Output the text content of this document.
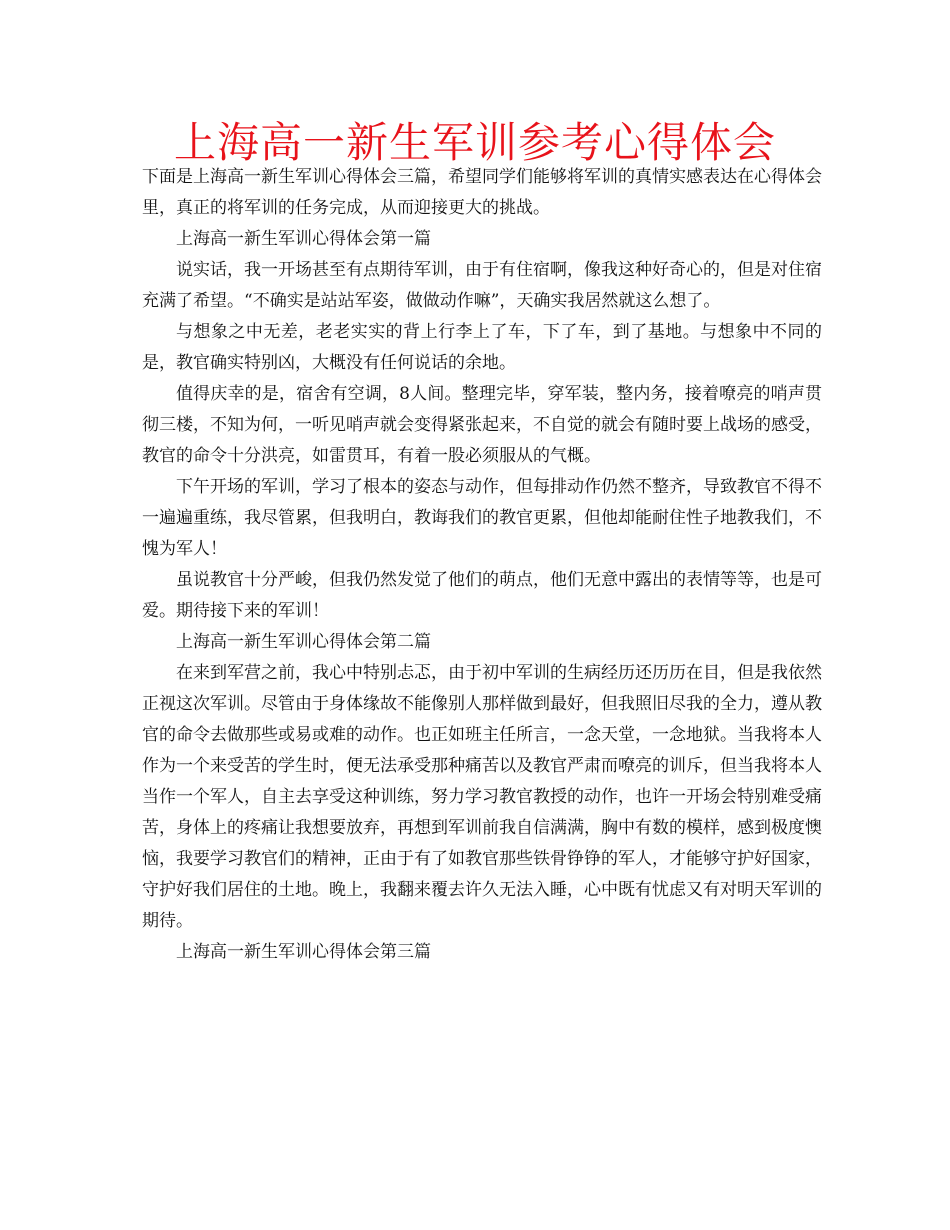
上海高一新生军训参考心得体会

下面是上海高一新生军训心得体会三篇，希望同学们能够将军训的真情实感表达在心得体会里，真正的将军训的任务完成，从而迎接更大的挑战。

上海高一新生军训心得体会第一篇

说实话，我一开场甚至有点期待军训，由于有住宿啊，像我这种好奇心的，但是对住宿充满了希望。“不确实是站站军姿，做做动作嘛”，天确实我居然就这么想了。

与想象之中无差，老老实实的背上行李上了车，下了车，到了基地。与想象中不同的是，教官确实特别凶，大概没有任何说话的余地。

值得庆幸的是，宿舍有空调，8人间。整理完毕，穿军装，整内务，接着嘹亮的哨声贯彻三楼，不知为何，一听见哨声就会变得紧张起来，不自觉的就会有随时要上战场的感受，教官的命令十分洪亮，如雷贯耳，有着一股必须服从的气概。

下午开场的军训，学习了根本的姿态与动作，但每排动作仍然不整齐，导致教官不得不一遍遍重练，我尽管累，但我明白，教诲我们的教官更累，但他却能耐住性子地教我们，不愧为军人！

虽说教官十分严峻，但我仍然发觉了他们的萌点，他们无意中露出的表情等等，也是可爱。期待接下来的军训！

上海高一新生军训心得体会第二篇

在来到军营之前，我心中特别忐忑，由于初中军训的生病经历还历历在目，但是我依然正视这次军训。尽管由于身体缘故不能像别人那样做到最好，但我照旧尽我的全力，遵从教官的命令去做那些或易或难的动作。也正如班主任所言，一念天堂，一念地狱。当我将本人作为一个来受苦的学生时，便无法承受那种痛苦以及教官严肃而嘹亮的训斥，但当我将本人当作一个军人，自主去享受这种训练，努力学习教官教授的动作，也许一开场会特别难受痛苦，身体上的疼痛让我想要放弃，再想到军训前我自信满满，胸中有数的模样，感到极度懊恼，我要学习教官们的精神，正由于有了如教官那些铁骨铮铮的军人，才能够守护好国家，守护好我们居住的土地。晚上，我翻来覆去许久无法入睡，心中既有忧虑又有对明天军训的期待。

上海高一新生军训心得体会第三篇
